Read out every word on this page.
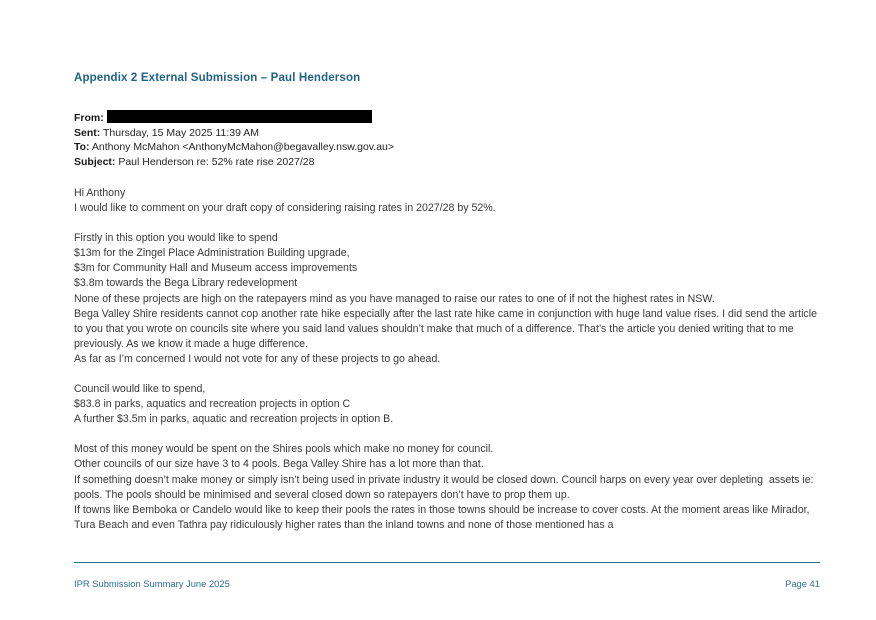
Appendix 2 External Submission – Paul Henderson
From:
Sent: Thursday, 15 May 2025 11:39 AM
To: Anthony McMahon <AnthonyMcMahon@begavalley.nsw.gov.au>
Subject: Paul Henderson re: 52% rate rise 2027/28
Hi Anthony
I would like to comment on your draft copy of considering raising rates in 2027/28 by 52%.
Firstly in this option you would like to spend
$13m for the Zingel Place Administration Building upgrade,
$3m for Community Hall and Museum access improvements
$3.8m towards the Bega Library redevelopment
None of these projects are high on the ratepayers mind as you have managed to raise our rates to one of if not the highest rates in NSW.
Bega Valley Shire residents cannot cop another rate hike especially after the last rate hike came in conjunction with huge land value rises. I did send the article to you that you wrote on councils site where you said land values shouldn’t make that much of a difference. That’s the article you denied writing that to me previously. As we know it made a huge difference.
As far as I’m concerned I would not vote for any of these projects to go ahead.
Council would like to spend,
$83.8 in parks, aquatics and recreation projects in option C
A further $3.5m in parks, aquatic and recreation projects in option B.
Most of this money would be spent on the Shires pools which make no money for council.
Other councils of our size have 3 to 4 pools. Bega Valley Shire has a lot more than that.
If something doesn’t make money or simply isn’t being used in private industry it would be closed down. Council harps on every year over depleting  assets ie: pools. The pools should be minimised and several closed down so ratepayers don’t have to prop them up.
If towns like Bemboka or Candelo would like to keep their pools the rates in those towns should be increase to cover costs. At the moment areas like Mirador, Tura Beach and even Tathra pay ridiculously higher rates than the inland towns and none of those mentioned has a
IPR Submission Summary June 2025	Page 41
